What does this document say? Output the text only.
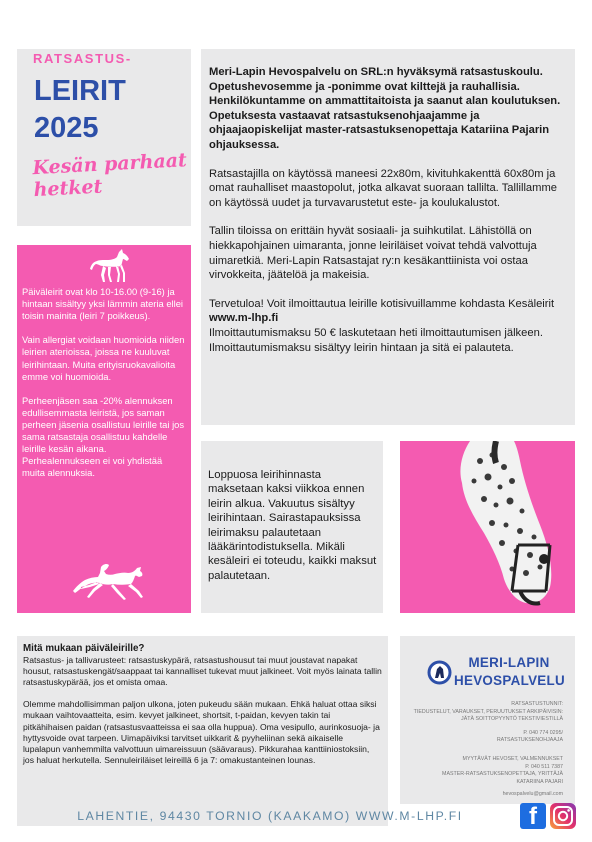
RATSASTUS-
LEIRIT
2025
Kesän parhaat
hetket

Meri-Lapin Hevospalvelu on SRL:n hyväksymä ratsastuskoulu. Opetushevosemme ja -ponimme ovat kilttejä ja rauhallisia. Henkilökuntamme on ammattitaitoista ja saanut alan koulutuksen. Opetuksesta vastaavat ratsastuksenohjaajamme ja ohjaajaopiskelijat master-ratsastuksenopettaja Katariina Pajarin ohjauksessa.

Ratsastajilla on käytössä maneesi 22x80m, kivituhkakenttä 60x80m ja omat rauhalliset maastopolut, jotka alkavat suoraan tallilta. Tallillamme on käytössä uudet ja turvavarustetut este- ja koulukalustot.

Tallin tiloissa on erittäin hyvät sosiaali- ja suihkutilat. Lähistöllä on hiekkapohjainen uimaranta, jonne leiriläiset voivat tehdä valvottuja uimaretkiä. Meri-Lapin Ratsastajat ry:n kesäkanttiinista voi ostaa virvokkeita, jäätelöä ja makeisia.

Tervetuloa! Voit ilmoittautua leirille kotisivuillamme kohdasta Kesäleirit www.m-lhp.fi
Ilmoittautumismaksu 50 € laskutetaan heti ilmoittautumisen jälkeen.
Ilmoittautumismaksu sisältyy leirin hintaan ja sitä ei palauteta.

Päiväleirit ovat klo 10-16.00 (9-16) ja hintaan sisältyy yksi lämmin ateria ellei toisin mainita (leiri 7 poikkeus).

Vain allergiat voidaan huomioida niiden leirien aterioissa, joissa ne kuuluvat leirihintaan. Muita erityisruokavalioita emme voi huomioida.

Perheenjäsen saa -20% alennuksen edullisemmasta leiristä, jos saman perheen jäsenia osallistuu leirille tai jos sama ratsastaja osallistuu kahdelle leirille kesän aikana. Perhealennukseen ei voi yhdistää muita alennuksia.	Loppuosa leirihinnasta maksetaan kaksi viikkoa ennen leirin alkua. Vakuutus sisältyy leirihintaan. Sairastapauksissa leirimaksu palautetaan lääkärintodistuksella. Mikäli kesäleiri ei toteudu, kaikki maksut palautetaan.
Mitä mukaan päiväleirille?

Ratsastus- ja tallivarusteet: ratsastuskypärä, ratsastushousut tai muut joustavat napakat housut, ratsastuskengät/saappaat tai kannalliset tukevat muut jalkineet. Voit myös lainata tallin ratsastuskypärää, jos et omista omaa.

Olemme mahdollisimman paljon ulkona, joten pukeudu sään mukaan. Ehkä haluat ottaa siksi mukaan vaihtovaatteita, esim. kevyet jalkineet, shortsit, t-paidan, kevyen takin tai pitkähihaisen paidan (ratsastusvaatteissa ei saa olla huppua). Oma vesipullo, aurinkosuoja- ja hyttysvoide ovat tarpeen. Uimapäiviksi tarvitset uikkarit & pyyheliinan sekä aikaiselle lupalapun vanhemmilta valvottuun uimareissuun (säävaraus). Pikkurahaa kanttiiniostoksiin, jos haluat herkutella. Sennuleiriläiset leireillä 6 ja 7: omakustanteinen lounas.

MERI-LAPIN
HEVOSPALVELU
RATSASTUSTUNNIT:
TIEDUSTELUT, VARAUKSET, PERUUTUKSET ARKIPÄIVISIN:
JÄTÄ SOITTOPYYNTÖ TEKSTIVIESTILLÄ
P. 040 774 0295/
RATSASTUKSENOHJAAJA
MYYTÄVÄT HEVOSET, VALMENNUKSET
P. 040 511 7387
MASTER-RATSASTUKSENOPETTAJA, YRITTÄJÄ
KATARIINA PAJARI
hevospalvelu@gmail.com
f
LAHENTIE, 94430 TORNIO (KAAKAMO) WWW.M-LHP.FI
